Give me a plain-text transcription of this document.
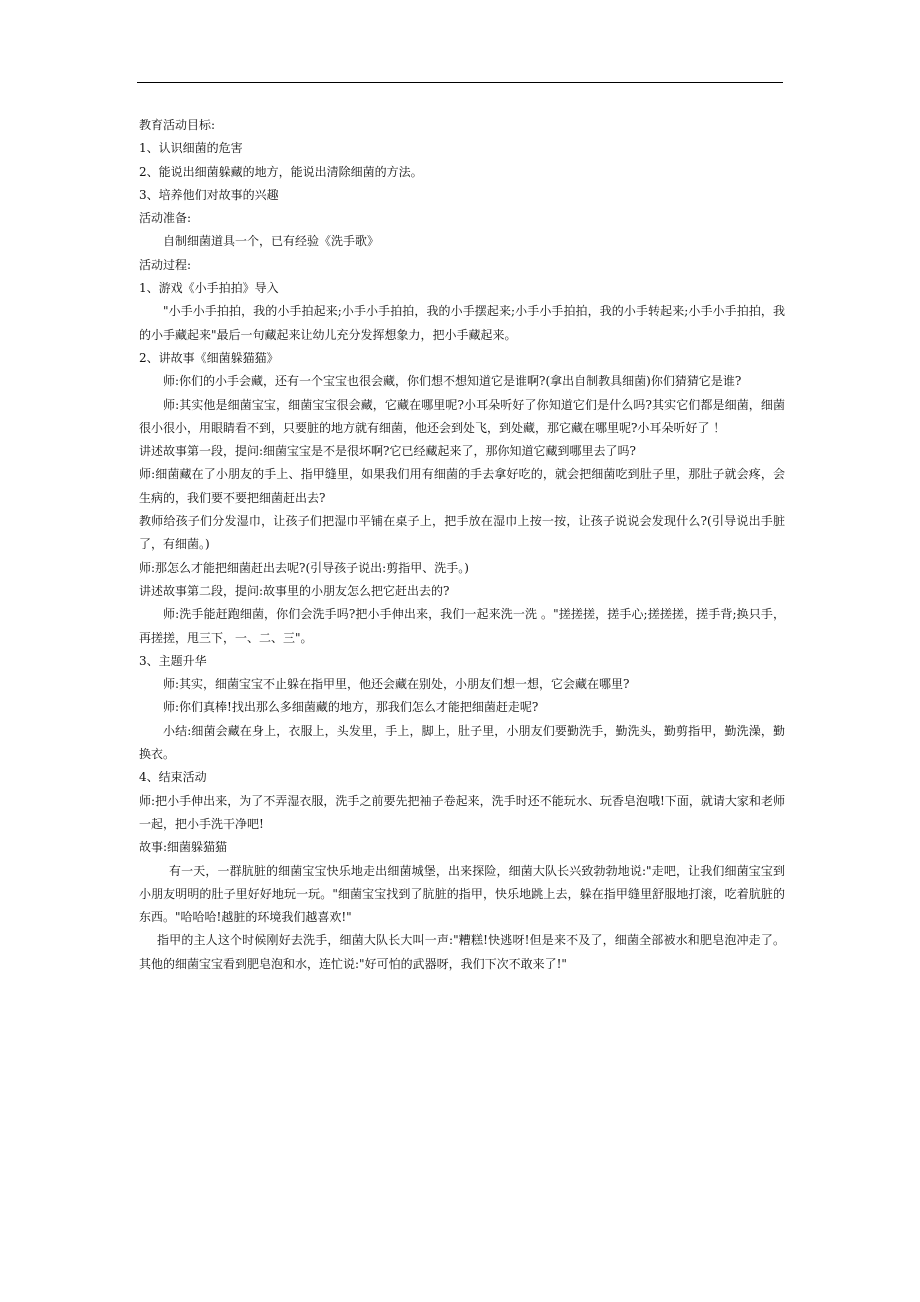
教育活动目标:

1、认识细菌的危害

2、能说出细菌躲藏的地方，能说出清除细菌的方法。

3、培养他们对故事的兴趣

活动准备:

自制细菌道具一个，已有经验《洗手歌》

活动过程:

1、游戏《小手拍拍》导入

"小手小手拍拍，我的小手拍起来;小手小手拍拍，我的小手摆起来;小手小手拍拍，我的小手转起来;小手小手拍拍，我的小手藏起来"最后一句藏起来让幼儿充分发挥想象力，把小手藏起来。

2、讲故事《细菌躲猫猫》

师:你们的小手会藏，还有一个宝宝也很会藏，你们想不想知道它是谁啊?(拿出自制教具细菌)你们猜猜它是谁?

师:其实他是细菌宝宝，细菌宝宝很会藏，它藏在哪里呢?小耳朵听好了你知道它们是什么吗?其实它们都是细菌，细菌很小很小，用眼睛看不到，只要脏的地方就有细菌，他还会到处飞，到处藏，那它藏在哪里呢?小耳朵听好了 ！

讲述故事第一段，提问:细菌宝宝是不是很坏啊?它已经藏起来了，那你知道它藏到哪里去了吗?

师:细菌藏在了小朋友的手上、指甲缝里，如果我们用有细菌的手去拿好吃的，就会把细菌吃到肚子里，那肚子就会疼，会生病的，我们要不要把细菌赶出去?

教师给孩子们分发湿巾，让孩子们把湿巾平铺在桌子上，把手放在湿巾上按一按，让孩子说说会发现什么?(引导说出手脏了，有细菌。)

师:那怎么才能把细菌赶出去呢?(引导孩子说出:剪指甲、洗手。)

讲述故事第二段，提问:故事里的小朋友怎么把它赶出去的?

师:洗手能赶跑细菌，你们会洗手吗?把小手伸出来，我们一起来洗一洗 。"搓搓搓，搓手心;搓搓搓，搓手背;换只手，再搓搓，甩三下，一、二、三"。

3、主题升华

师:其实，细菌宝宝不止躲在指甲里，他还会藏在别处，小朋友们想一想，它会藏在哪里?

师:你们真棒!找出那么多细菌藏的地方，那我们怎么才能把细菌赶走呢?

小结:细菌会藏在身上，衣服上，头发里，手上，脚上，肚子里，小朋友们要勤洗手，勤洗头，勤剪指甲，勤洗澡，勤换衣。

4、结束活动

师:把小手伸出来，为了不弄湿衣服，洗手之前要先把袖子卷起来，洗手时还不能玩水、玩香皂泡哦!下面，就请大家和老师一起，把小手洗干净吧!

故事:细菌躲猫猫

有一天，一群肮脏的细菌宝宝快乐地走出细菌城堡，出来探险，细菌大队长兴致勃勃地说:"走吧，让我们细菌宝宝到小朋友明明的肚子里好好地玩一玩。"细菌宝宝找到了肮脏的指甲，快乐地跳上去，躲在指甲缝里舒服地打滚，吃着肮脏的东西。"哈哈哈!越脏的环境我们越喜欢!"

指甲的主人这个时候刚好去洗手，细菌大队长大叫一声:"糟糕!快逃呀!但是来不及了，细菌全部被水和肥皂泡冲走了。其他的细菌宝宝看到肥皂泡和水，连忙说:"好可怕的武器呀，我们下次不敢来了!"
